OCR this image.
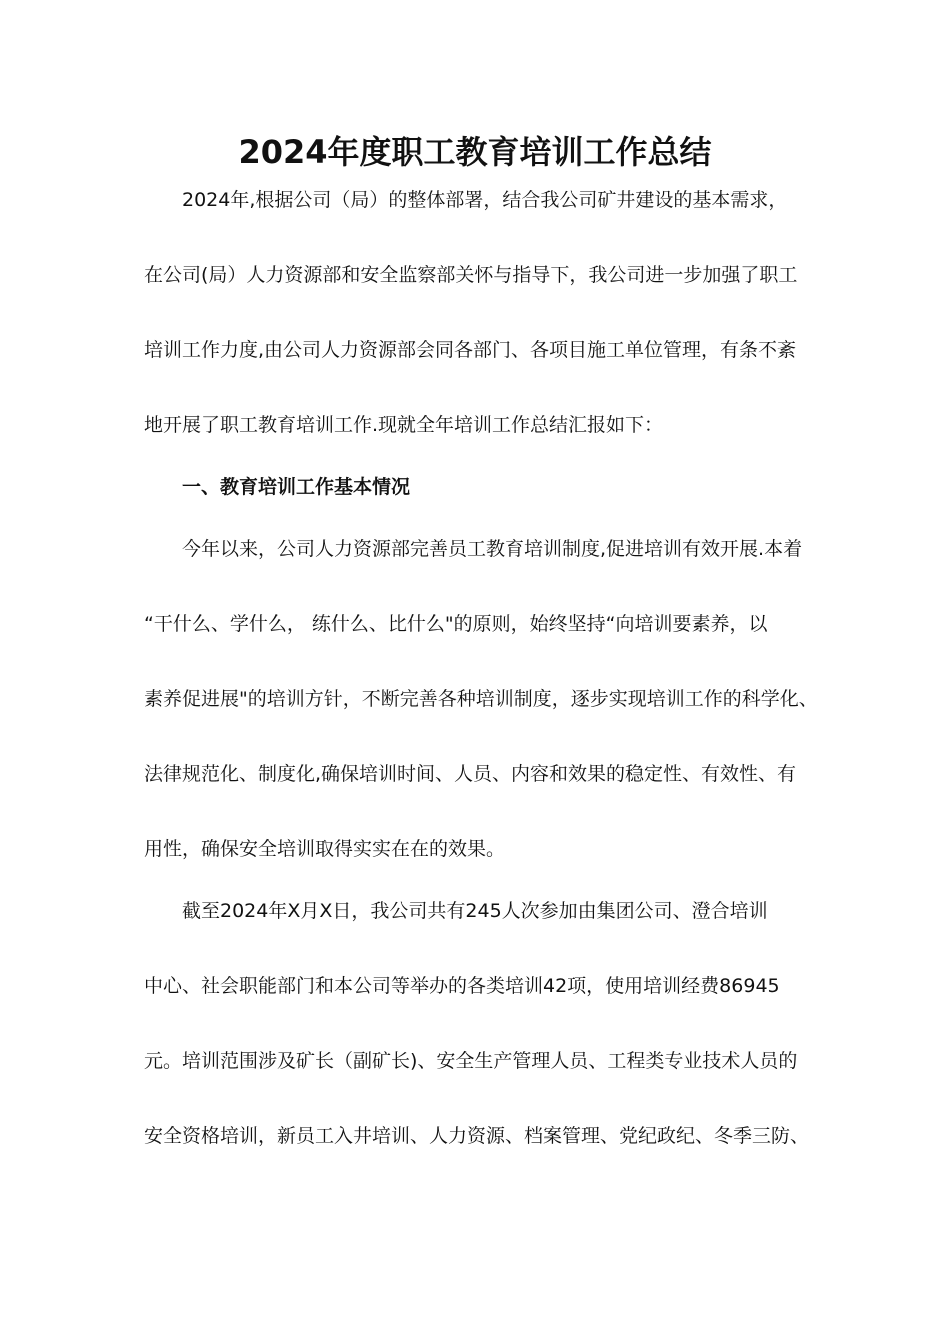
2024年度职工教育培训工作总结
2024年,根据公司（局）的整体部署，结合我公司矿井建设的基本需求，
在公司(局）人力资源部和安全监察部关怀与指导下，我公司进一步加强了职工
培训工作力度,由公司人力资源部会同各部门、各项目施工单位管理，有条不紊
地开展了职工教育培训工作.现就全年培训工作总结汇报如下：
一、教育培训工作基本情况
今年以来，公司人力资源部完善员工教育培训制度,促进培训有效开展.本着
“干什么、学什么， 练什么、比什么"的原则，始终坚持“向培训要素养，以
素养促进展"的培训方针，不断完善各种培训制度，逐步实现培训工作的科学化、
法律规范化、制度化,确保培训时间、人员、内容和效果的稳定性、有效性、有
用性，确保安全培训取得实实在在的效果。
截至2024年X月X日，我公司共有245人次参加由集团公司、澄合培训
中心、社会职能部门和本公司等举办的各类培训42项，使用培训经费86945
元。培训范围涉及矿长（副矿长)、安全生产管理人员、工程类专业技术人员的
安全资格培训，新员工入井培训、人力资源、档案管理、党纪政纪、冬季三防、
